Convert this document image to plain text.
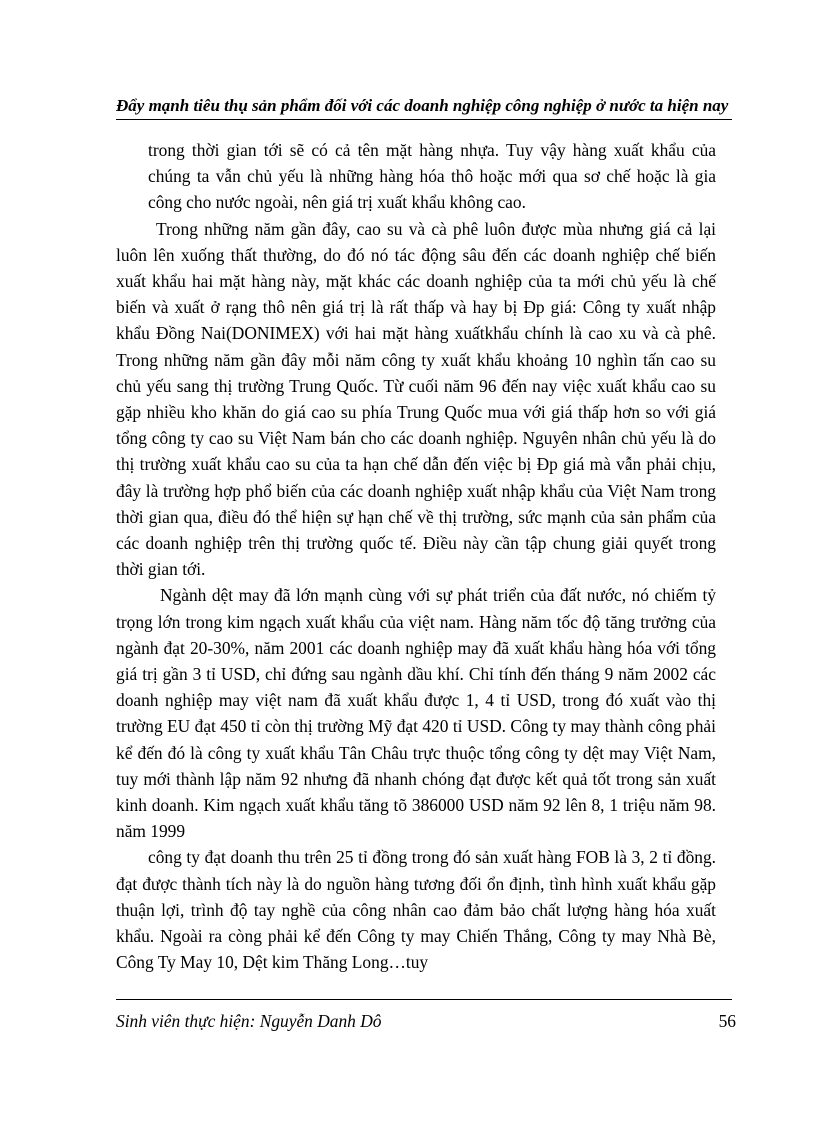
Đẩy mạnh tiêu thụ sản phẩm đối với các doanh nghiệp công nghiệp ở nước ta hiện nay

trong thời gian tới sẽ có cả tên mặt hàng nhựa. Tuy vậy hàng xuất khẩu của chúng ta vẫn chủ yếu là những hàng hóa thô hoặc mới qua sơ chế hoặc là gia công cho nước ngoài, nên giá trị xuất khẩu không cao.

Trong những năm gần đây, cao su và cà phê luôn được mùa nhưng giá cả lại luôn lên xuống thất thường, do đó nó tác động sâu đến các doanh nghiệp chế biến xuất khẩu hai mặt hàng này, mặt khác các doanh nghiệp của ta mới chủ yếu là chế biến và xuất ở rạng thô nên giá trị là rất thấp và hay bị Ðp giá: Công ty xuất nhập khẩu Đồng Nai(DONIMEX) với hai mặt hàng xuấtkhẩu chính là cao xu và cà phê. Trong những năm gần đây mỗi năm công ty xuất khẩu khoảng 10 nghìn tấn cao su chủ yếu sang thị trường Trung Quốc. Từ cuối năm 96 đến nay việc xuất khẩu cao su gặp nhiều kho khăn do giá cao su phía Trung Quốc mua với giá thấp hơn so với giá tổng công ty cao su Việt Nam bán cho các doanh nghiệp. Nguyên nhân chủ yếu là do thị trường xuất khẩu cao su của ta hạn chế dẫn đến việc bị Ðp giá mà vẫn phải chịu, đây là trường hợp phổ biến của các doanh nghiệp xuất nhập khẩu của Việt Nam trong thời gian qua, điều đó thể hiện sự hạn chế về thị trường, sức mạnh của sản phẩm của các doanh nghiệp trên thị trường quốc tế. Điều này cần tập chung giải quyết trong thời gian tới.

Ngành dệt may đã lớn mạnh cùng với sự phát triển của đất nước, nó chiếm tỷ trọng lớn trong kim ngạch xuất khẩu của việt nam. Hàng năm tốc độ tăng trưởng của ngành đạt 20-30%, năm 2001 các doanh nghiệp may đã xuất khẩu hàng hóa với tổng giá trị gần 3 tỉ USD, chỉ đứng sau ngành dầu khí. Chỉ tính đến tháng 9 năm 2002 các doanh nghiệp may việt nam đã xuất khẩu được 1, 4 tỉ USD, trong đó xuất vào thị trường EU đạt 450 tỉ còn thị trường Mỹ đạt 420 tỉ USD. Công ty may thành công phải kể đến đó là công ty xuất khẩu Tân Châu trực thuộc tổng công ty dệt may Việt Nam, tuy mới thành lập năm 92 nhưng đã nhanh chóng đạt được kết quả tốt trong sản xuất kinh doanh. Kim ngạch xuất khẩu tăng tõ 386000 USD năm 92 lên 8, 1 triệu năm 98. năm 1999

công ty đạt doanh thu trên 25 tỉ đồng trong đó sản xuất hàng FOB là 3, 2 tỉ đồng. đạt được thành tích này là do nguồn hàng tương đối ổn định, tình hình xuất khẩu gặp thuận lợi, trình độ tay nghề của công nhân cao đảm bảo chất lượng hàng hóa xuất khẩu. Ngoài ra còng phải kể đến Công ty may Chiến Thắng, Công ty may Nhà Bè, Công Ty May 10, Dệt kim Thăng Long…tuy

Sinh viên thực hiện: Nguyễn Danh Dô	56
